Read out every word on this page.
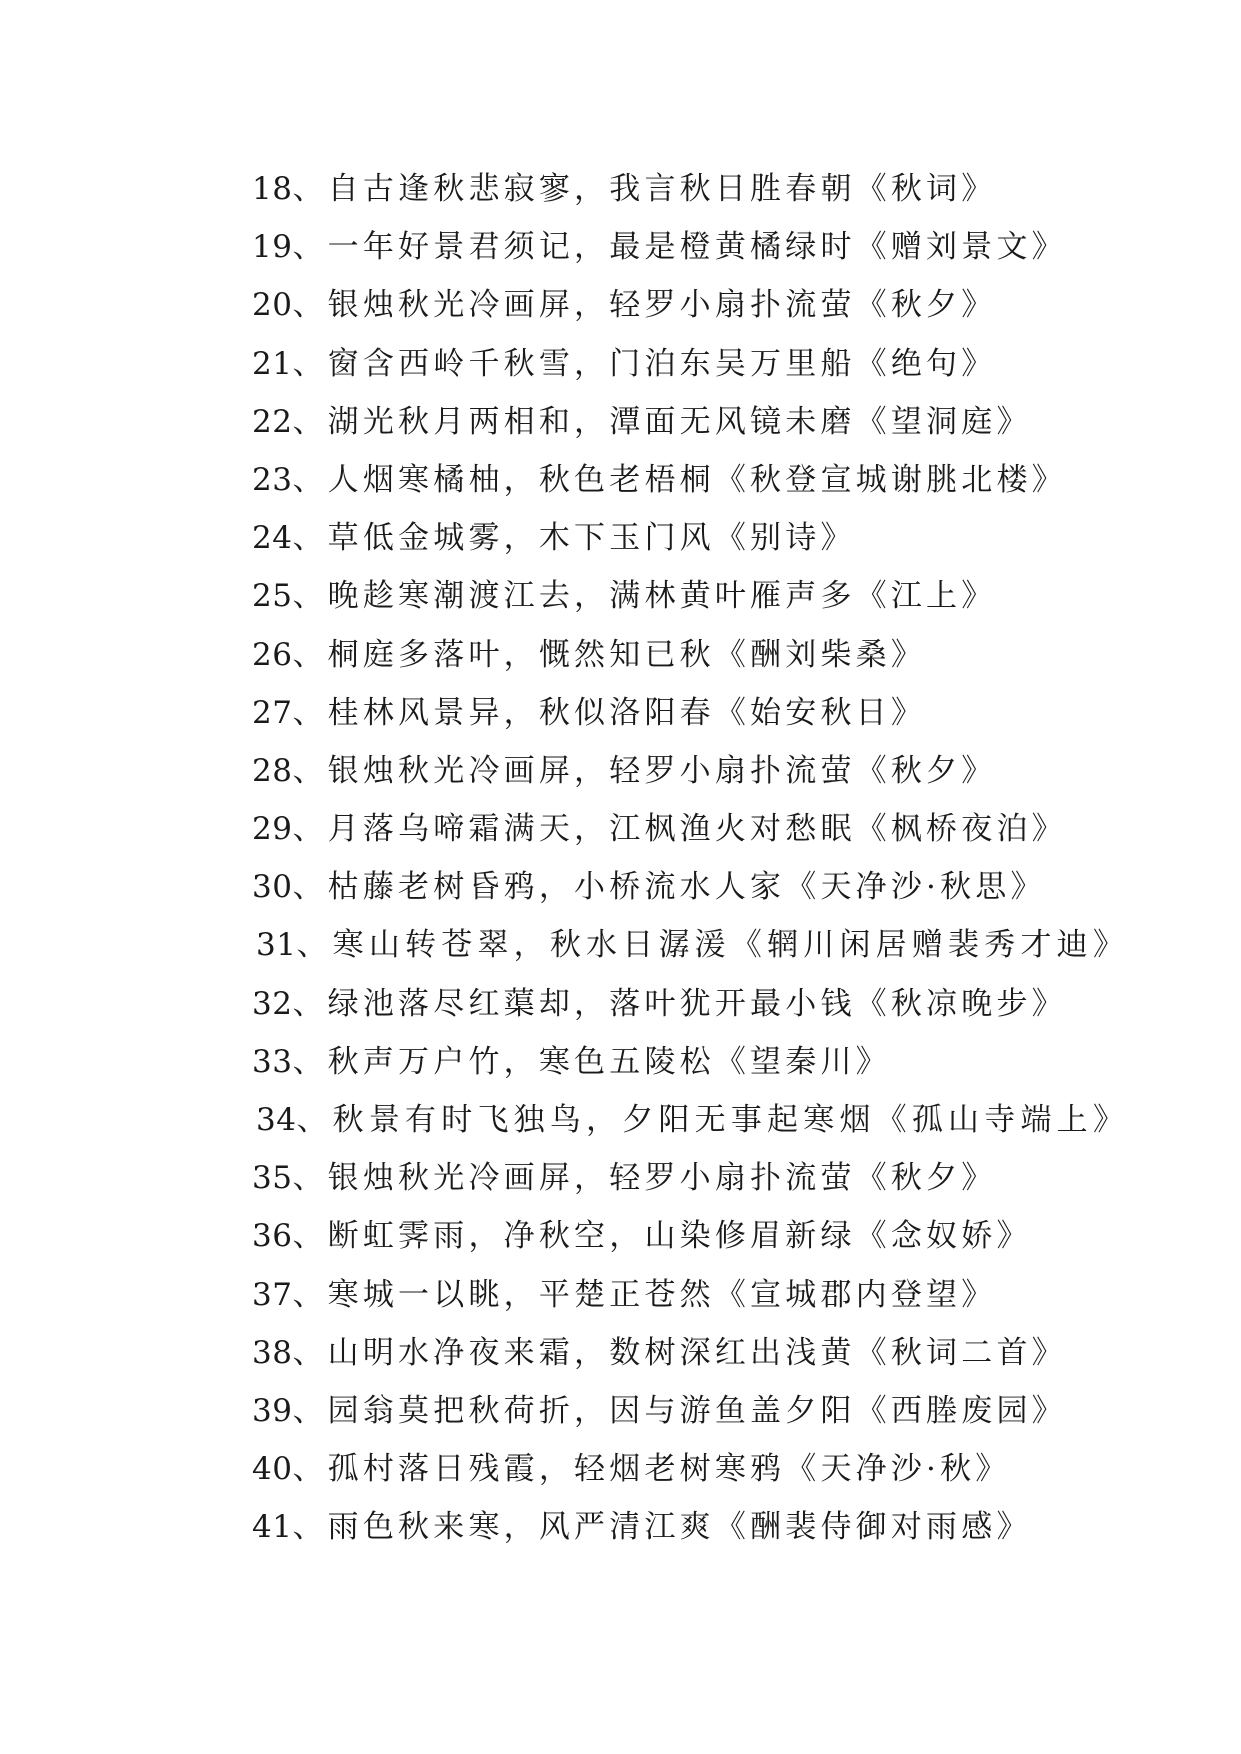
18、自古逢秋悲寂寥，我言秋日胜春朝《秋词》
19、一年好景君须记，最是橙黄橘绿时《赠刘景文》
20、银烛秋光冷画屏，轻罗小扇扑流萤《秋夕》
21、窗含西岭千秋雪，门泊东吴万里船《绝句》
22、湖光秋月两相和，潭面无风镜未磨《望洞庭》
23、人烟寒橘柚，秋色老梧桐《秋登宣城谢朓北楼》
24、草低金城雾，木下玉门风《别诗》
25、晚趁寒潮渡江去，满林黄叶雁声多《江上》
26、桐庭多落叶，慨然知已秋《酬刘柴桑》
27、桂林风景异，秋似洛阳春《始安秋日》
28、银烛秋光冷画屏，轻罗小扇扑流萤《秋夕》
29、月落乌啼霜满天，江枫渔火对愁眠《枫桥夜泊》
30、枯藤老树昏鸦，小桥流水人家《天净沙·秋思》
31、寒山转苍翠，秋水日潺湲《辋川闲居赠裴秀才迪》
32、绿池落尽红蕖却，落叶犹开最小钱《秋凉晚步》
33、秋声万户竹，寒色五陵松《望秦川》
34、秋景有时飞独鸟，夕阳无事起寒烟《孤山寺端上》
35、银烛秋光冷画屏，轻罗小扇扑流萤《秋夕》
36、断虹霁雨，净秋空，山染修眉新绿《念奴娇》
37、寒城一以眺，平楚正苍然《宣城郡内登望》
38、山明水净夜来霜，数树深红出浅黄《秋词二首》
39、园翁莫把秋荷折，因与游鱼盖夕阳《西塍废园》
40、孤村落日残霞，轻烟老树寒鸦《天净沙·秋》
41、雨色秋来寒，风严清江爽《酬裴侍御对雨感》
